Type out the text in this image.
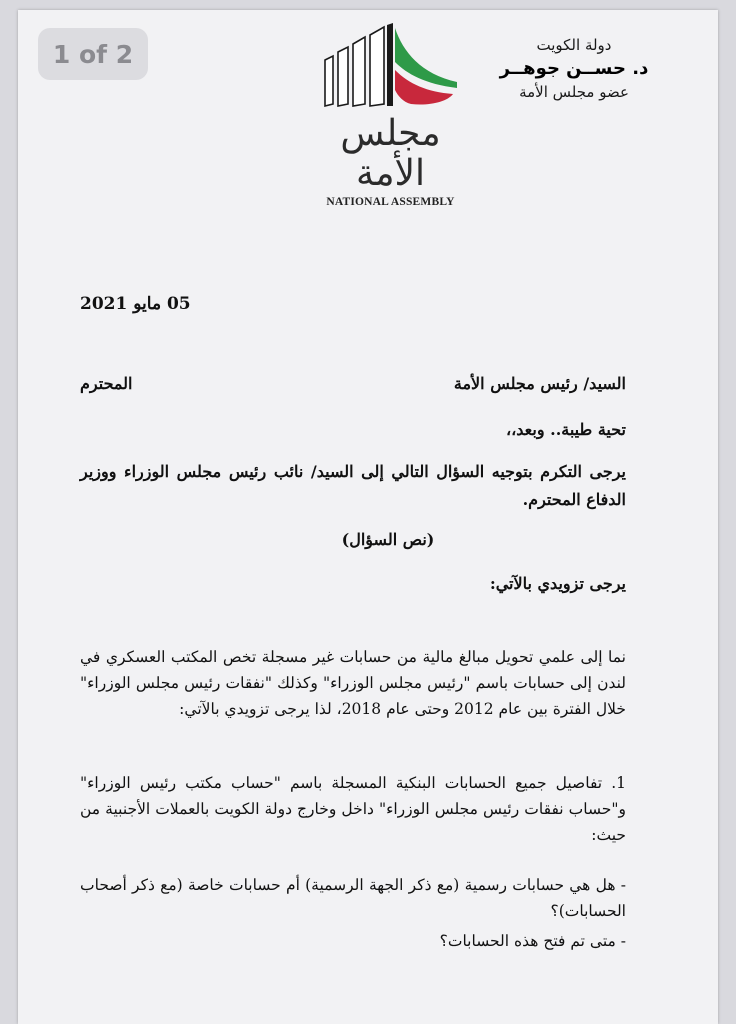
1 of 2
مجلس الأمة
NATIONAL ASSEMBLY
دولة الكويت
د. حســن جوهــر
عضو مجلس الأمة
05 مايو 2021
السيد/ رئيس مجلس الأمة
المحترم
تحية طيبة.. وبعد،،
يرجى التكرم بتوجيه السؤال التالي إلى السيد/ نائب رئيس مجلس الوزراء ووزير الدفاع المحترم.
(نص السؤال)
يرجى تزويدي بالآتي:
نما إلى علمي تحويل مبالغ مالية من حسابات غير مسجلة تخص المكتب العسكري في لندن إلى حسابات باسم "رئيس مجلس الوزراء" وكذلك "نفقات رئيس مجلس الوزراء" خلال الفترة بين عام 2012 وحتى عام 2018، لذا يرجى تزويدي بالآتي:
1. تفاصيل جميع الحسابات البنكية المسجلة باسم "حساب مكتب رئيس الوزراء" و"حساب نفقات رئيس مجلس الوزراء" داخل وخارج دولة الكويت بالعملات الأجنبية من حيث:
- هل هي حسابات رسمية (مع ذكر الجهة الرسمية) أم حسابات خاصة (مع ذكر أصحاب الحسابات)؟
- متى تم فتح هذه الحسابات؟
